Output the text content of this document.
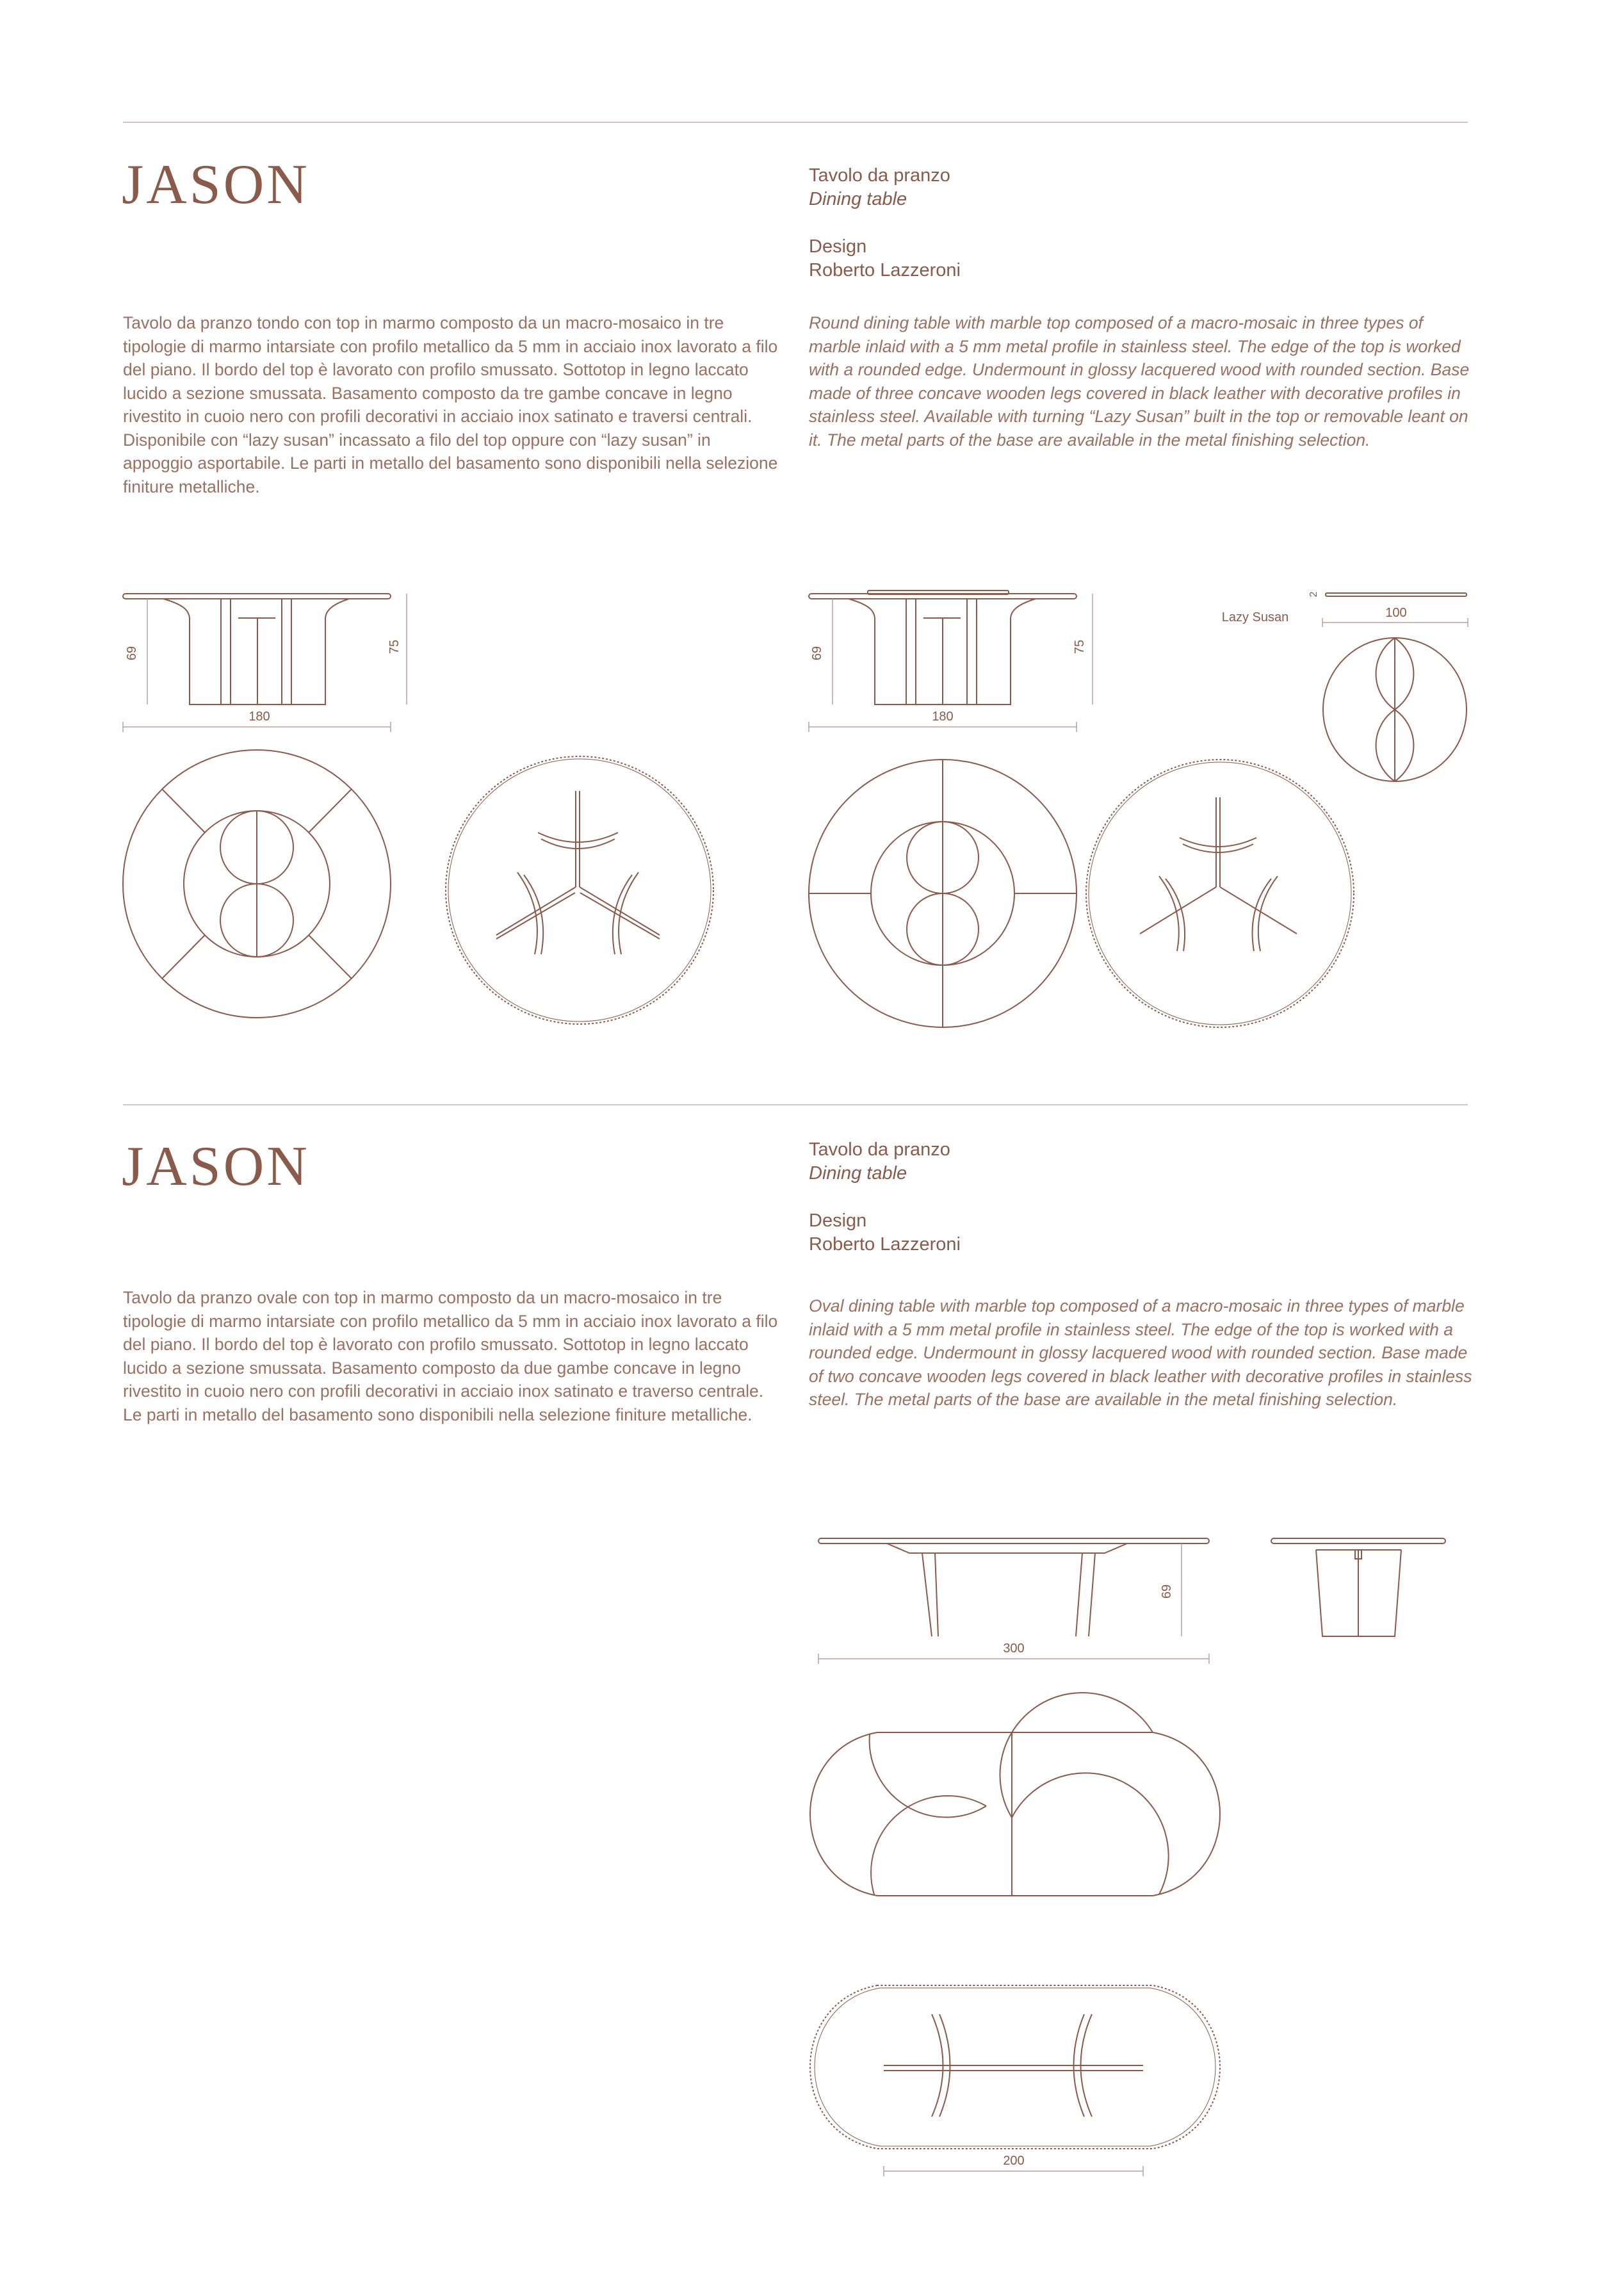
JASON	Tavolo da pranzo
Dining table
Design
Roberto Lazzeroni
Tavolo da pranzo tondo con top in marmo composto da un macro-mosaico in tre tipologie di marmo intarsiate con profilo metallico da 5 mm in acciaio inox lavorato a filo del piano. Il bordo del top è lavorato con profilo smussato. Sottotop in legno laccato lucido a sezione smussata. Basamento composto da tre gambe concave in legno rivestito in cuoio nero con profili decorativi in acciaio inox satinato e traversi centrali. Disponibile con “lazy susan” incassato a filo del top oppure con “lazy susan” in appoggio asportabile. Le parti in metallo del basamento sono disponibili nella selezione finiture metalliche.
Round dining table with marble top composed of a macro-mosaic in three types of marble inlaid with a 5 mm metal profile in stainless steel. The edge of the top is worked with a rounded edge. Undermount in glossy lacquered wood with rounded section. Base made of three concave wooden legs covered in black leather with decorative profiles in stainless steel. Available with turning “Lazy Susan” built in the top or removable leant on it. The metal parts of the base are available in the metal finishing selection.
180
69	75
180
69	75
Lazy Susan	100
2
JASON	Tavolo da pranzo
Dining table
Design
Roberto Lazzeroni
Tavolo da pranzo ovale con top in marmo composto da un macro-mosaico in tre tipologie di marmo intarsiate con profilo metallico da 5 mm in acciaio inox lavorato a filo del piano. Il bordo del top è lavorato con profilo smussato. Sottotop in legno laccato lucido a sezione smussata. Basamento composto da due gambe concave in legno rivestito in cuoio nero con profili decorativi in acciaio inox satinato e traverso centrale. Le parti in metallo del basamento sono disponibili nella selezione finiture metalliche.
Oval dining table with marble top composed of a macro-mosaic in three types of marble inlaid with a 5 mm metal profile in stainless steel. The edge of the top is worked with a rounded edge. Undermount in glossy lacquered wood with rounded section. Base made of two concave wooden legs covered in black leather with decorative profiles in stainless steel. The metal parts of the base are available in the metal finishing selection.
300
69
200
